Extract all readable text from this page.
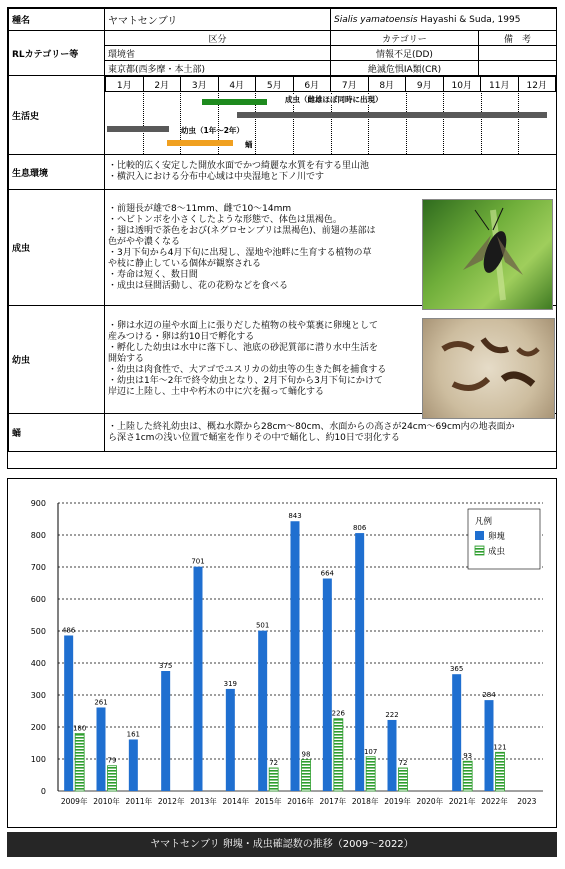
種名	ヤマトセンブリ	Sialis yamatoensis Hayashi & Suda, 1995
RLカテゴリー等	区分	カテゴリー	備　考
環境省	情報不足(DD)	
東京都(西多摩・本土部)	絶滅危惧ⅠA類(CR)	
生活史	
1月	2月	3月	4月	5月	6月	7月	8月	9月	10月	11月	12月
成虫（雌雄ほぼ同時に出現）
幼虫（1年～2年）
蛹

生息環境	
・比較的広く安定した開放水面でかつ綺麗な水質を有する里山池
・横沢入における分布中心域は中央湿地と下ノ川です

成虫	
・前翅長が雄で8～11mm、雌で10～14mm
・ヘビトンボを小さくしたような形態で、体色は黒褐色。
・翅は透明で茶色をおび(ネグロセンブリは黒褐色)、前翅の基部は
色がやや濃くなる
・3月下旬から4月下旬に出現し、湿地や池畔に生育する植物の草
や枝に静止している個体が観察される
・寿命は短く、数日間
・成虫は昼間活動し、花の花粉などを食べる

幼虫	
・卵は水辺の崖や水面上に張りだした植物の枝や葉裏に卵塊として
産みつける・卵は約10日で孵化する
・孵化した幼虫は水中に落下し、池底の砂泥質部に潜り水中生活を
開始する
・幼虫は肉食性で、大アゴでユスリカの幼虫等の生きた餌を捕食する
・幼虫は1年～2年で終令幼虫となり、2月下旬から3月下旬にかけて
岸辺に上陸し、土中や朽木の中に穴を掘って蛹化する

蛹	
・上陸した終礼幼虫は、概ね水際から28cm～80cm、水面からの高さが24cm～69cm内の地表面か
ら深さ1cmの浅い位置で蛹室を作りその中で蛹化し、約10日で羽化する
0
100
200
300
400
500
600
700
800
900
2009年
486
180
2010年
261
79
2011年
161
2012年
375
2013年
701
2014年
319
2015年
501
72
2016年
843
98
2017年
664
226
2018年
806
107
2019年
222
72
2020年 2021年
365
93
2022年
284
121
2023
凡例
卵塊
成虫
ヤマトセンブリ 卵塊・成虫確認数の推移（2009～2022）
